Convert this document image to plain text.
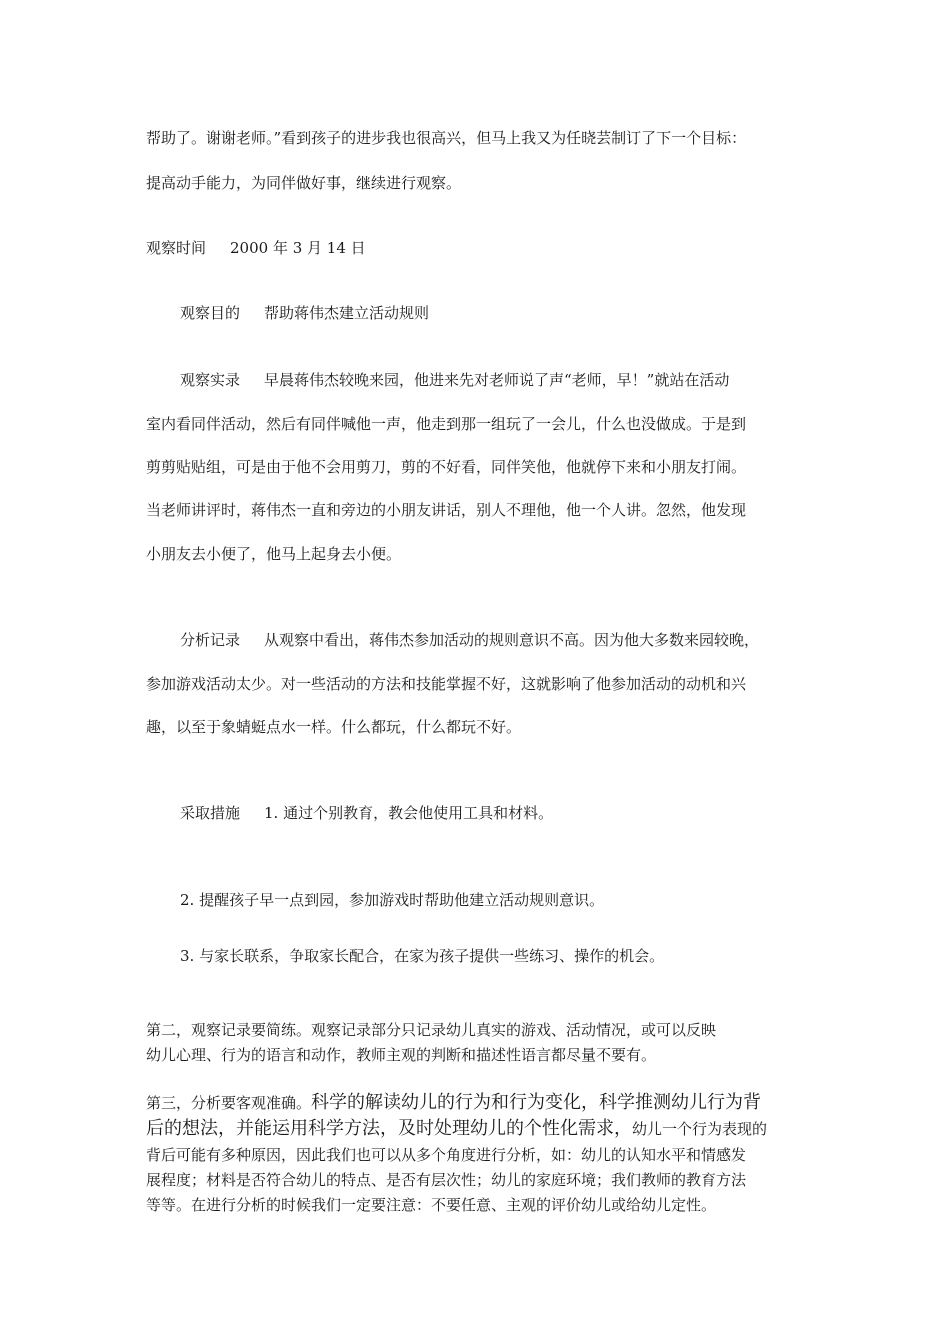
帮助了。谢谢老师。”看到孩子的进步我也很高兴，但马上我又为任晓芸制订了下一个目标：
提高动手能力，为同伴做好事，继续进行观察。
观察时间 2000 年 3 月 14 日
观察目的 帮助蒋伟杰建立活动规则
观察实录 早晨蒋伟杰较晚来园，他进来先对老师说了声“老师，早！”就站在活动
室内看同伴活动，然后有同伴喊他一声，他走到那一组玩了一会儿，什么也没做成。于是到
剪剪贴贴组，可是由于他不会用剪刀，剪的不好看，同伴笑他，他就停下来和小朋友打闹。
当老师讲评时，蒋伟杰一直和旁边的小朋友讲话，别人不理他，他一个人讲。忽然，他发现
小朋友去小便了，他马上起身去小便。
分析记录 从观察中看出，蒋伟杰参加活动的规则意识不高。因为他大多数来园较晚，
参加游戏活动太少。对一些活动的方法和技能掌握不好，这就影响了他参加活动的动机和兴
趣，以至于象蜻蜓点水一样。什么都玩，什么都玩不好。
采取措施 1. 通过个别教育，教会他使用工具和材料。
2. 提醒孩子早一点到园，参加游戏时帮助他建立活动规则意识。
3. 与家长联系，争取家长配合，在家为孩子提供一些练习、操作的机会。
第二，观察记录要简练。观察记录部分只记录幼儿真实的游戏、活动情况，或可以反映
幼儿心理、行为的语言和动作，教师主观的判断和描述性语言都尽量不要有。
第三，分析要客观准确。科学的解读幼儿的行为和行为变化，科学推测幼儿行为背
后的想法，并能运用科学方法，及时处理幼儿的个性化需求，幼儿一个行为表现的
背后可能有多种原因，因此我们也可以从多个角度进行分析，如：幼儿的认知水平和情感发
展程度；材料是否符合幼儿的特点、是否有层次性；幼儿的家庭环境；我们教师的教育方法
等等。在进行分析的时候我们一定要注意：不要任意、主观的评价幼儿或给幼儿定性。
